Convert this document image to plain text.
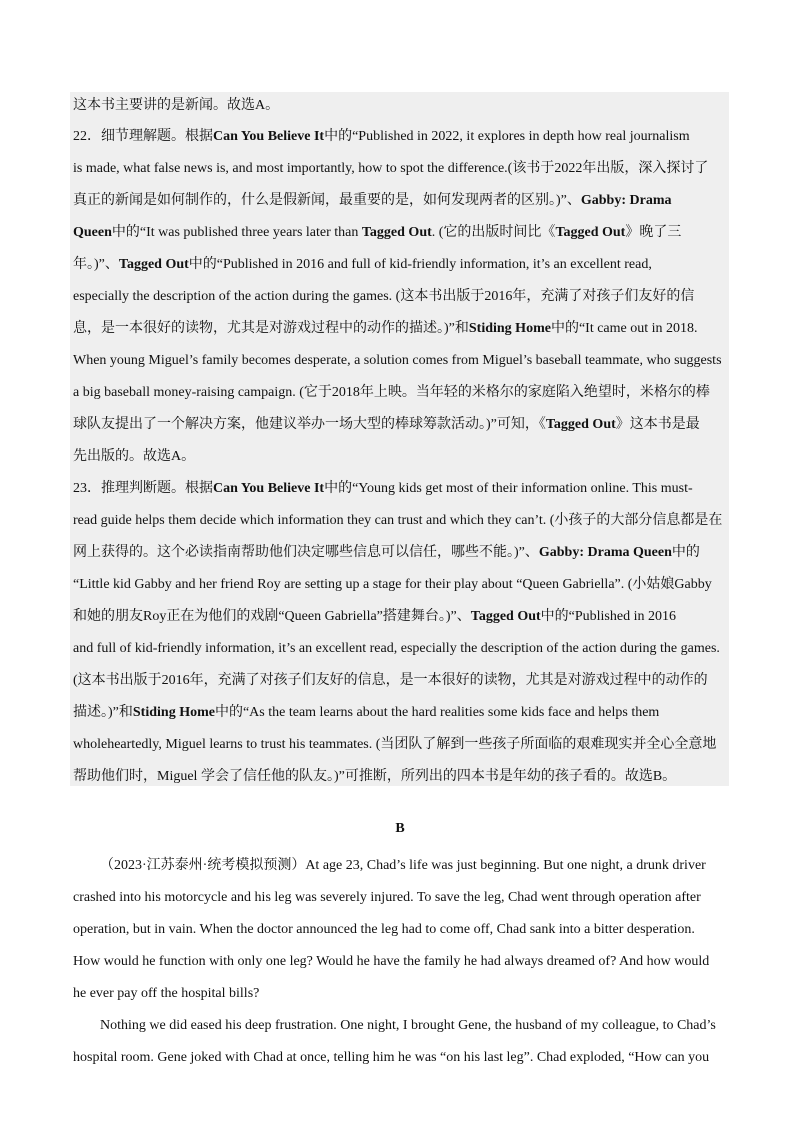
这本书主要讲的是新闻。故选A。
22．细节理解题。根据Can You Believe It中的“Published in 2022, it explores in depth how real journalism
is made, what false news is, and most importantly, how to spot the difference.(该书于2022年出版，深入探讨了
真正的新闻是如何制作的，什么是假新闻，最重要的是，如何发现两者的区别。)”、Gabby: Drama
Queen中的“It was published three years later than Tagged Out. (它的出版时间比《Tagged Out》晚了三
年。)”、Tagged Out中的“Published in 2016 and full of kid-friendly information, it’s an excellent read,
especially the description of the action during the games. (这本书出版于2016年，充满了对孩子们友好的信
息，是一本很好的读物，尤其是对游戏过程中的动作的描述。)”和Stiding Home中的“It came out in 2018.
When young Miguel’s family becomes desperate, a solution comes from Miguel’s baseball teammate, who suggests
a big baseball money-raising campaign. (它于2018年上映。当年轻的米格尔的家庭陷入绝望时，米格尔的棒
球队友提出了一个解决方案，他建议举办一场大型的棒球筹款活动。)”可知，《Tagged Out》这本书是最
先出版的。故选A。
23．推理判断题。根据Can You Believe It中的“Young kids get most of their information online. This must-
read guide helps them decide which information they can trust and which they can’t. (小孩子的大部分信息都是在
网上获得的。这个必读指南帮助他们决定哪些信息可以信任，哪些不能。)”、Gabby: Drama Queen中的
“Little kid Gabby and her friend Roy are setting up a stage for their play about “Queen Gabriella”. (小姑娘Gabby
和她的朋友Roy正在为他们的戏剧“Queen Gabriella”搭建舞台。)”、Tagged Out中的“Published in 2016
and full of kid-friendly information, it’s an excellent read, especially the description of the action during the games.
(这本书出版于2016年，充满了对孩子们友好的信息，是一本很好的读物，尤其是对游戏过程中的动作的
描述。)”和Stiding Home中的“As the team learns about the hard realities some kids face and helps them
wholeheartedly, Miguel learns to trust his teammates. (当团队了解到一些孩子所面临的艰难现实并全心全意地
帮助他们时，Miguel 学会了信任他的队友。)”可推断，所列出的四本书是年幼的孩子看的。故选B。
B
（2023·江苏泰州·统考模拟预测）At age 23, Chad’s life was just beginning. But one night, a drunk driver
crashed into his motorcycle and his leg was severely injured. To save the leg, Chad went through operation after
operation, but in vain. When the doctor announced the leg had to come off, Chad sank into a bitter desperation.
How would he function with only one leg? Would he have the family he had always dreamed of? And how would
he ever pay off the hospital bills?
Nothing we did eased his deep frustration. One night, I brought Gene, the husband of my colleague, to Chad’s
hospital room. Gene joked with Chad at once, telling him he was “on his last leg”. Chad exploded, “How can you
